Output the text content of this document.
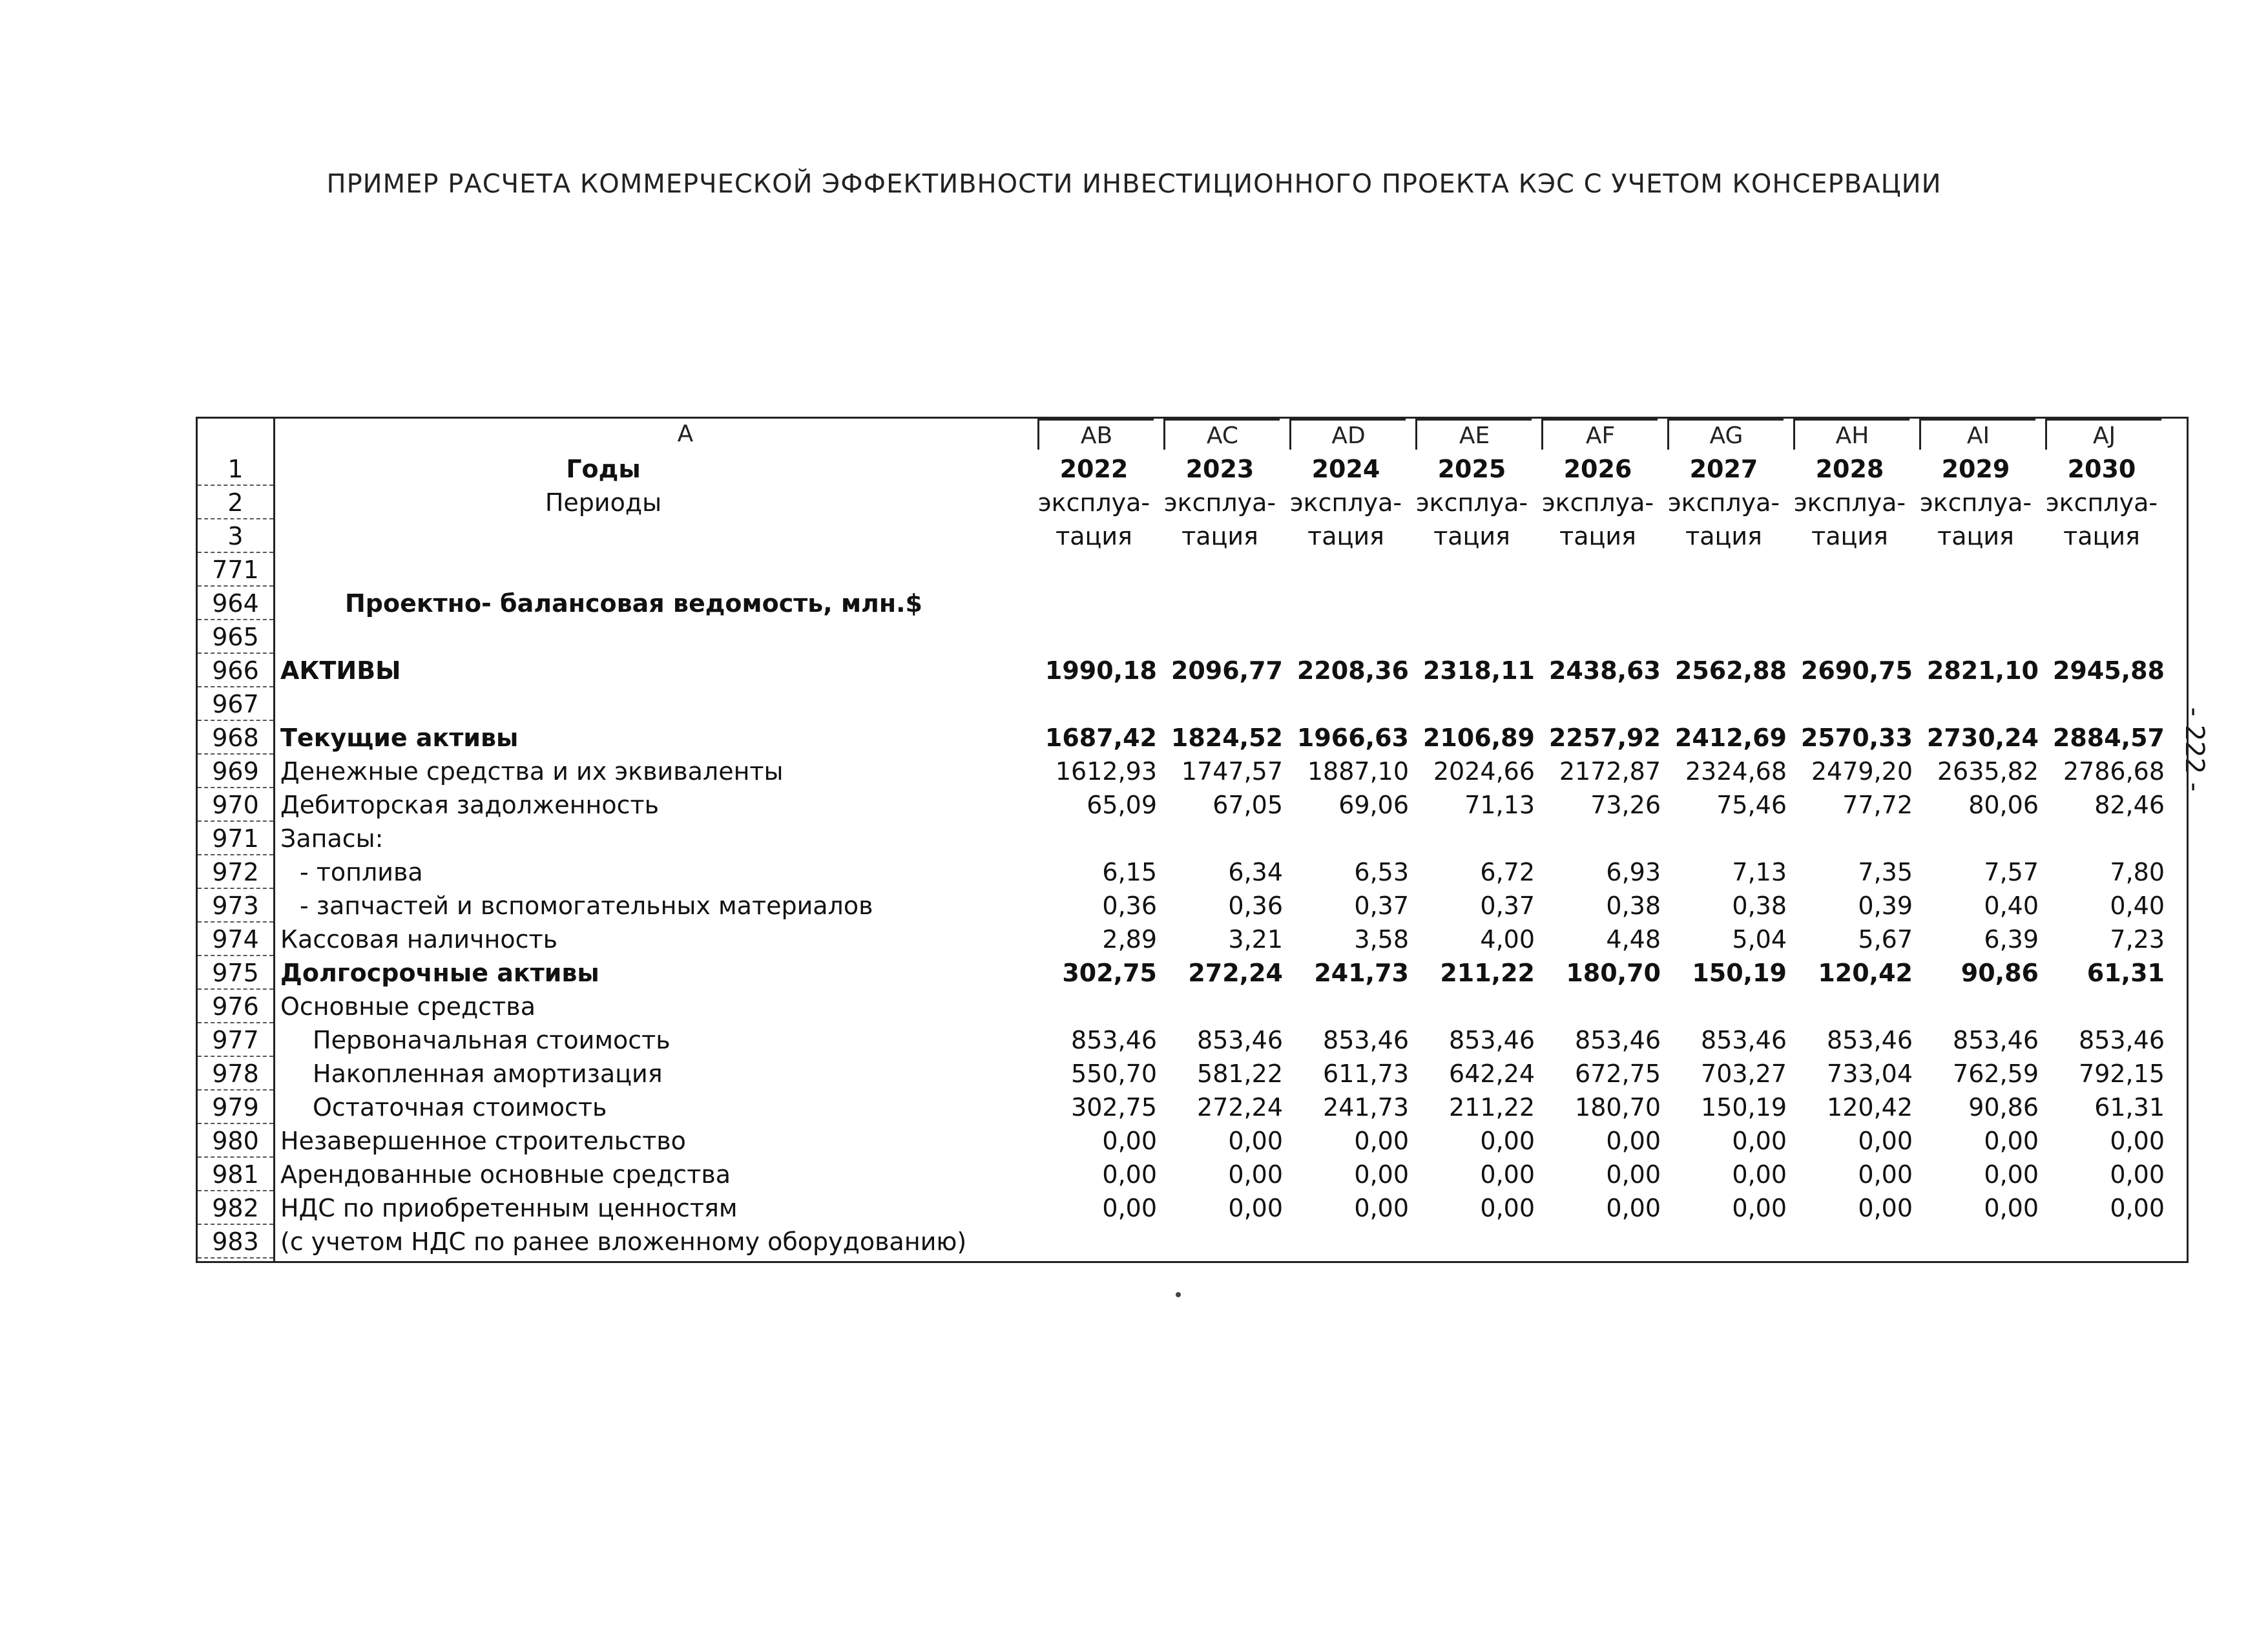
ПРИМЕР РАСЧЕТА КОММЕРЧЕСКОЙ ЭФФЕКТИВНОСТИ ИНВЕСТИЦИОННОГО ПРОЕКТА КЭС С УЧЕТОМ КОНСЕРВАЦИИ
- 222 -
A	AB	AC	AD	AE	AF	AG	AH	AI	AJ
1	Годы	2022	2023	2024	2025	2026	2027	2028	2029	2030
2	Периоды	эксплуа- эксплуа- эксплуа- эксплуа- эксплуа- эксплуа- эксплуа- эксплуа- эксплуа-
3	тация	тация	тация	тация	тация	тация	тация	тация	тация
771
964	Проектно- балансовая ведомость, млн.$
965
966 АКТИВЫ	1990,18 2096,77 2208,36 2318,11 2438,63 2562,88 2690,75 2821,10 2945,88
967
968 Текущие активы	1687,42 1824,52 1966,63 2106,89 2257,92 2412,69 2570,33 2730,24 2884,57
969 Денежные средства и их эквиваленты	1612,93 1747,57 1887,10 2024,66 2172,87 2324,68 2479,20 2635,82 2786,68
970 Дебиторская задолженность	65,09	67,05	69,06	71,13	73,26	75,46	77,72	80,06	82,46
971 Запасы:
972	- топлива	6,15	6,34	6,53	6,72	6,93	7,13	7,35	7,57	7,80
973	- запчастей и вспомогательных материалов	0,36	0,36	0,37	0,37	0,38	0,38	0,39	0,40	0,40
974 Кассовая наличность	2,89	3,21	3,58	4,00	4,48	5,04	5,67	6,39	7,23
975 Долгосрочные активы	302,75	272,24	241,73	211,22	180,70	150,19	120,42	90,86	61,31
976 Основные средства
977	Первоначальная стоимость	853,46	853,46	853,46	853,46	853,46	853,46	853,46	853,46	853,46
978	Накопленная амортизация	550,70	581,22	611,73	642,24	672,75	703,27	733,04	762,59	792,15
979	Остаточная стоимость	302,75	272,24	241,73	211,22	180,70	150,19	120,42	90,86	61,31
980 Незавершенное строительство	0,00	0,00	0,00	0,00	0,00	0,00	0,00	0,00	0,00
981 Арендованные основные средства	0,00	0,00	0,00	0,00	0,00	0,00	0,00	0,00	0,00
982 НДС по приобретенным ценностям	0,00	0,00	0,00	0,00	0,00	0,00	0,00	0,00	0,00
983 (с учетом НДС по ранее вложенному оборудованию)
